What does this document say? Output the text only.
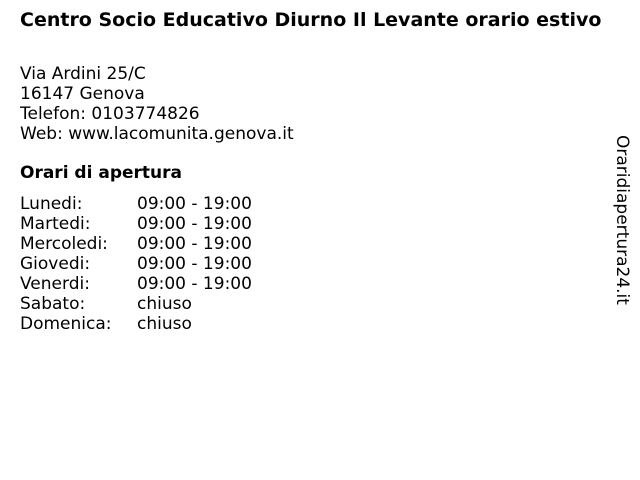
Centro Socio Educativo Diurno Il Levante orario estivo
Via Ardini 25/C
16147 Genova
Telefon: 0103774826
Web: www.lacomunita.genova.it
Orari di apertura
Lunedi:	09:00 - 19:00
Martedi:	09:00 - 19:00
Mercoledi:	09:00 - 19:00
Giovedi:	09:00 - 19:00
Venerdi:	09:00 - 19:00
Sabato:	chiuso
Domenica:	chiuso
Oraridiapertura24.it
